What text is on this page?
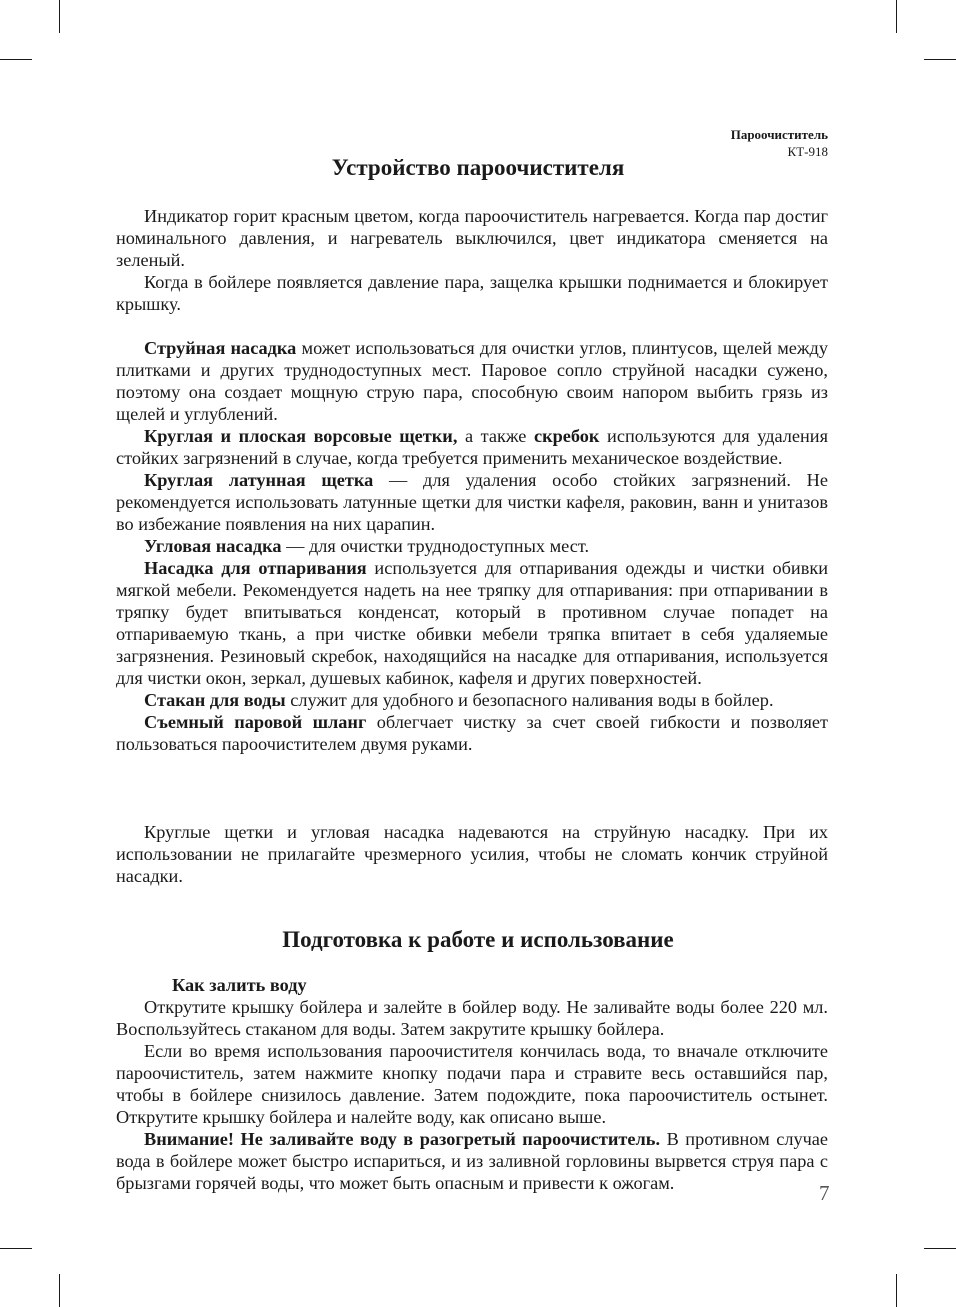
Пароочиститель
КТ-918
Устройство пароочистителя

Индикатор горит красным цветом, когда пароочиститель нагревается. Когда пар достиг номинального давления, и нагреватель выключился, цвет индикатора сменяется на зеленый.

Когда в бойлере появляется давление пара, защелка крышки поднимается и блокирует крышку.

Струйная насадка может использоваться для очистки углов, плинтусов, щелей между плитками и других труднодоступных мест. Паровое сопло струйной насадки сужено, поэтому она создает мощную струю пара, способную своим напором выбить грязь из щелей и углублений.

Круглая и плоская ворсовые щетки, а также скребок используются для удаления стойких загрязнений в случае, когда требуется применить механическое воздействие.

Круглая латунная щетка — для удаления особо стойких загрязнений. Не рекомендуется использовать латунные щетки для чистки кафеля, раковин, ванн и унитазов во избежание появления на них царапин.

Угловая насадка — для очистки труднодоступных мест.

Насадка для отпаривания используется для отпаривания одежды и чистки обивки мягкой мебели. Рекомендуется надеть на нее тряпку для отпаривания: при отпаривании в тряпку будет впитываться конденсат, который в противном случае попадет на отпариваемую ткань, а при чистке обивки мебели тряпка впитает в себя удаляемые загрязнения. Резиновый скребок, находящийся на насадке для отпаривания, используется для чистки окон, зеркал, душевых кабинок, кафеля и других поверхностей.

Стакан для воды служит для удобного и безопасного наливания воды в бойлер.

Съемный паровой шланг облегчает чистку за счет своей гибкости и позволяет пользоваться пароочистителем двумя руками.

Круглые щетки и угловая насадка надеваются на струйную насадку. При их использовании не прилагайте чрезмерного усилия, чтобы не сломать кончик струйной насадки.

Подготовка к работе и использование

Как залить воду

Открутите крышку бойлера и залейте в бойлер воду. Не заливайте воды более 220 мл. Воспользуйтесь стаканом для воды. Затем закрутите крышку бойлера.

Если во время использования пароочистителя кончилась вода, то вначале отключите пароочиститель, затем нажмите кнопку подачи пара и стравите весь оставшийся пар, чтобы в бойлере снизилось давление. Затем подождите, пока пароочиститель остынет. Открутите крышку бойлера и налейте воду, как описано выше.

Внимание! Не заливайте воду в разогретый пароочиститель. В противном случае вода в бойлере может быстро испариться, и из заливной горловины вырвется струя пара с брызгами горячей воды, что может быть опасным и привести к ожогам.	7
